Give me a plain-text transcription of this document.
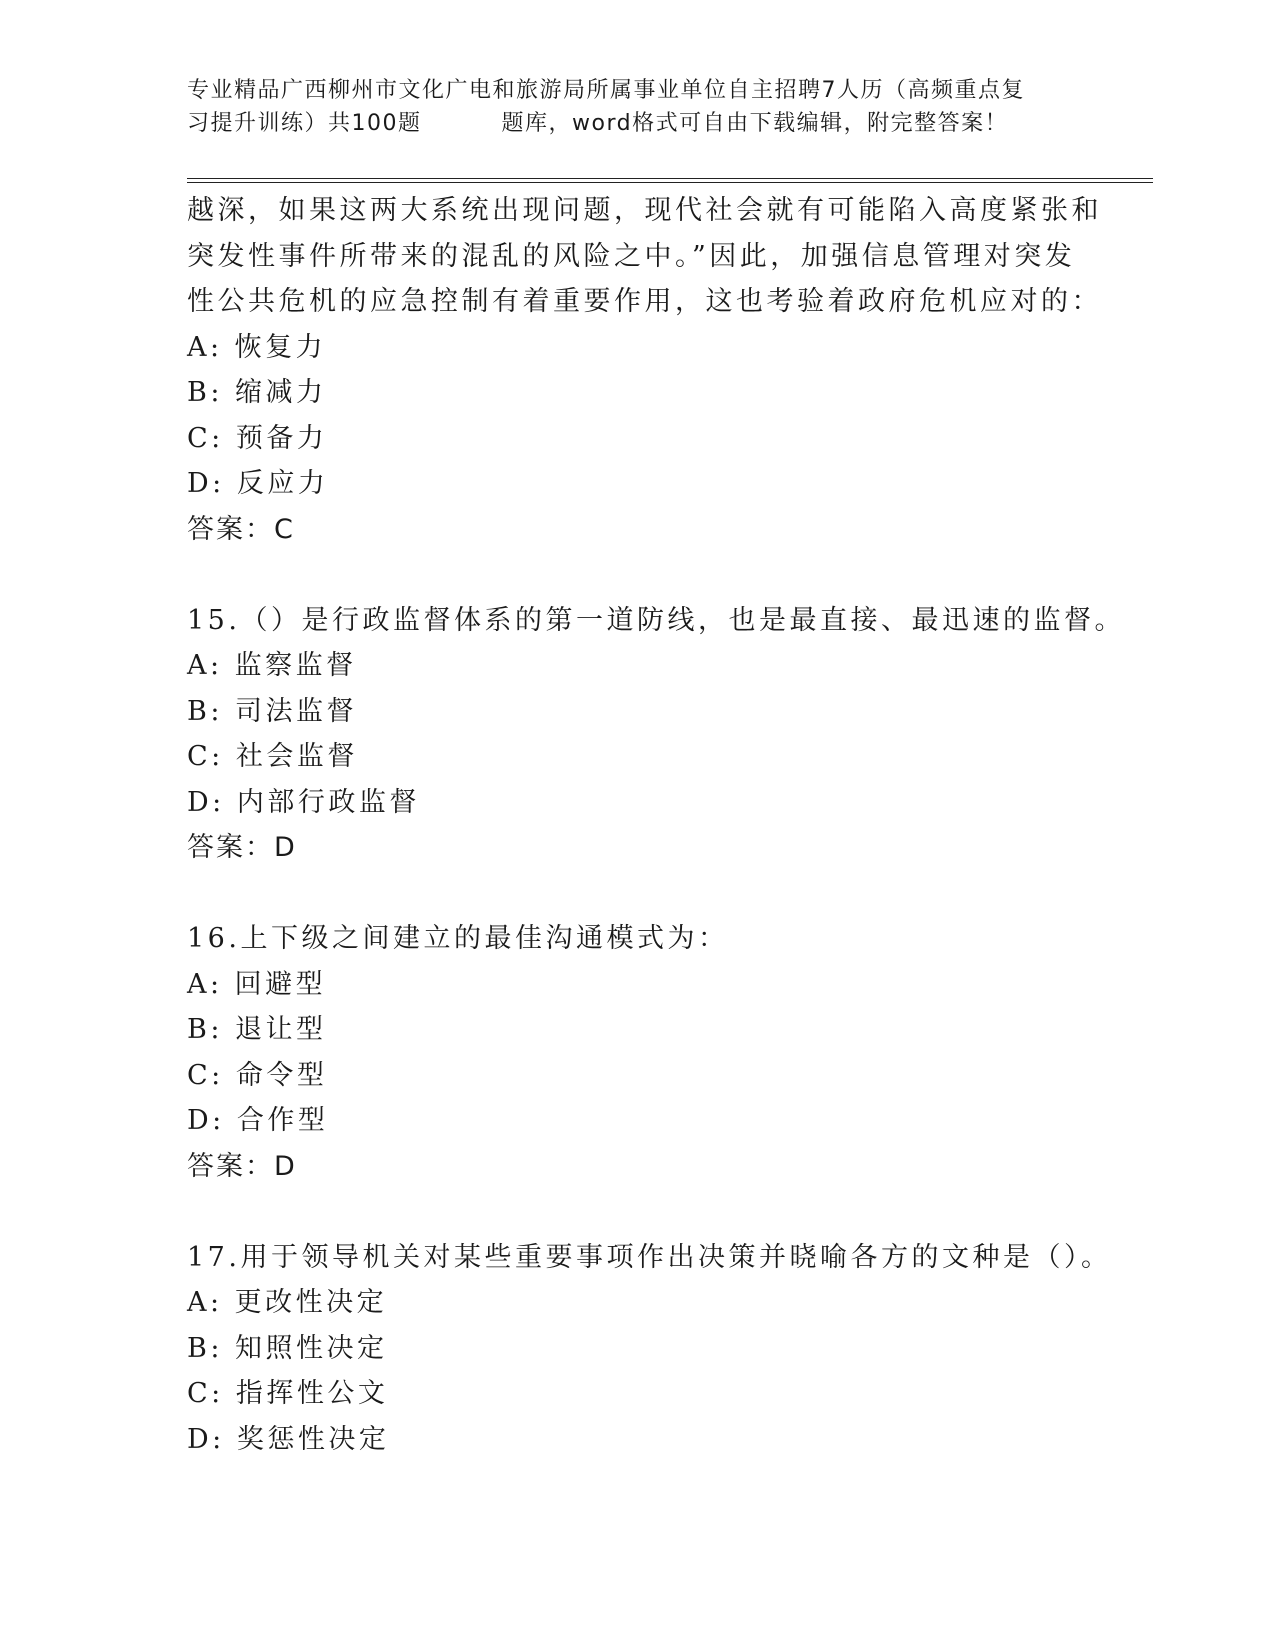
专业精品广西柳州市文化广电和旅游局所属事业单位自主招聘7人历（高频重点复
习提升训练）共100题	题库，word格式可自由下载编辑，附完整答案！
越深，如果这两大系统出现问题，现代社会就有可能陷入高度紧张和
突发性事件所带来的混乱的风险之中。”因此，加强信息管理对突发
性公共危机的应急控制有着重要作用，这也考验着政府危机应对的：
A: 恢复力
B: 缩减力
C: 预备力
D: 反应力
答案：C
15.（）是行政监督体系的第一道防线，也是最直接、最迅速的监督。
A: 监察监督
B: 司法监督
C: 社会监督
D: 内部行政监督
答案：D
16.上下级之间建立的最佳沟通模式为：
A: 回避型
B: 退让型
C: 命令型
D: 合作型
答案：D
17.用于领导机关对某些重要事项作出决策并晓喻各方的文种是（）。
A: 更改性决定
B: 知照性决定
C: 指挥性公文
D: 奖惩性决定
